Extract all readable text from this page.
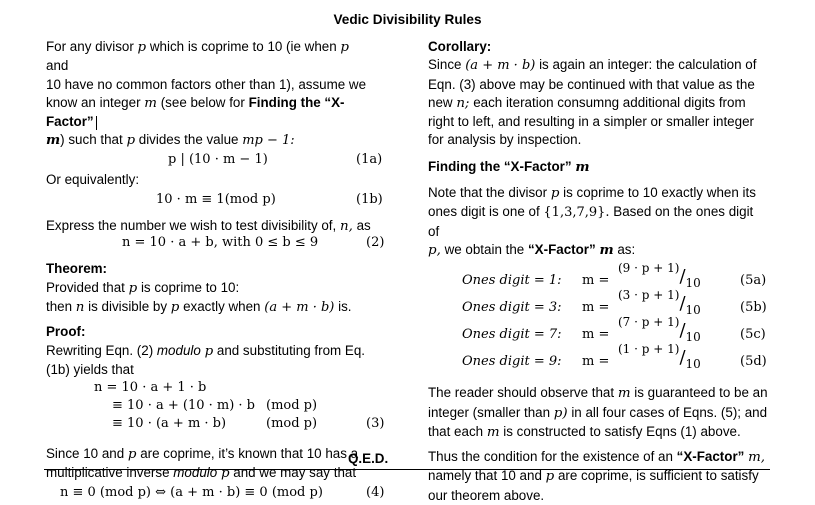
Vedic Divisibility Rules
For any divisor p which is coprime to 10 (ie when p and
10 have no common factors other than 1), assume we
know an integer m (see below for Finding the “X-Factor”
m) such that p divides the value mp − 1:
p | (10 · m − 1)	(1a)
Or equivalently:
10 · m ≡ 1(mod p)	(1b)
Express the number we wish to test divisibility of, n, as
n = 10 · a + b, with 0 ≤ b ≤ 9	(2)
Theorem:
Provided that p is coprime to 10:
then n is divisible by p exactly when (a + m · b) is.
Proof:
Rewriting Eqn. (2) modulo p and substituting from Eq.
(1b) yields that
n = 10 · a + 1 · b
≡ 10 · a + (10 · m) · b (mod p)
≡ 10 · (a + m · b)	(mod p)	(3)
Since 10 and p are coprime, it’s known that 10 has a
multiplicative inverse modulo p and we may say that
n ≡ 0 (mod p) ⇔ (a + m · b) ≡ 0 (mod p)	(4)
Q.E.D.
Corollary:
Since (a + m · b) is again an integer: the calculation of
Eqn. (3) above may be continued with that value as the
new n; each iteration consumng additional digits from
right to left, and resulting in a simpler or smaller integer
for analysis by inspection.
Finding the “X-Factor” m
Note that the divisor p is coprime to 10 exactly when its
ones digit is one of {1,3,7,9}. Based on the ones digit of
p, we obtain the “X-Factor” m as:
Ones digit = 1: m =
(9 · p + 1)/10	(5a)
Ones digit = 3: m =
(3 · p + 1)/10	(5b)
Ones digit = 7: m =
(7 · p + 1)/10	(5c)
Ones digit = 9: m =
(1 · p + 1)/10	(5d)
The reader should observe that m is guaranteed to be an
integer (smaller than p) in all four cases of Eqns. (5); and
that each m is constructed to satisfy Eqns (1) above.
Thus the condition for the existence of an “X-Factor” m,
namely that 10 and p are coprime, is sufficient to satisfy
our theorem above.
